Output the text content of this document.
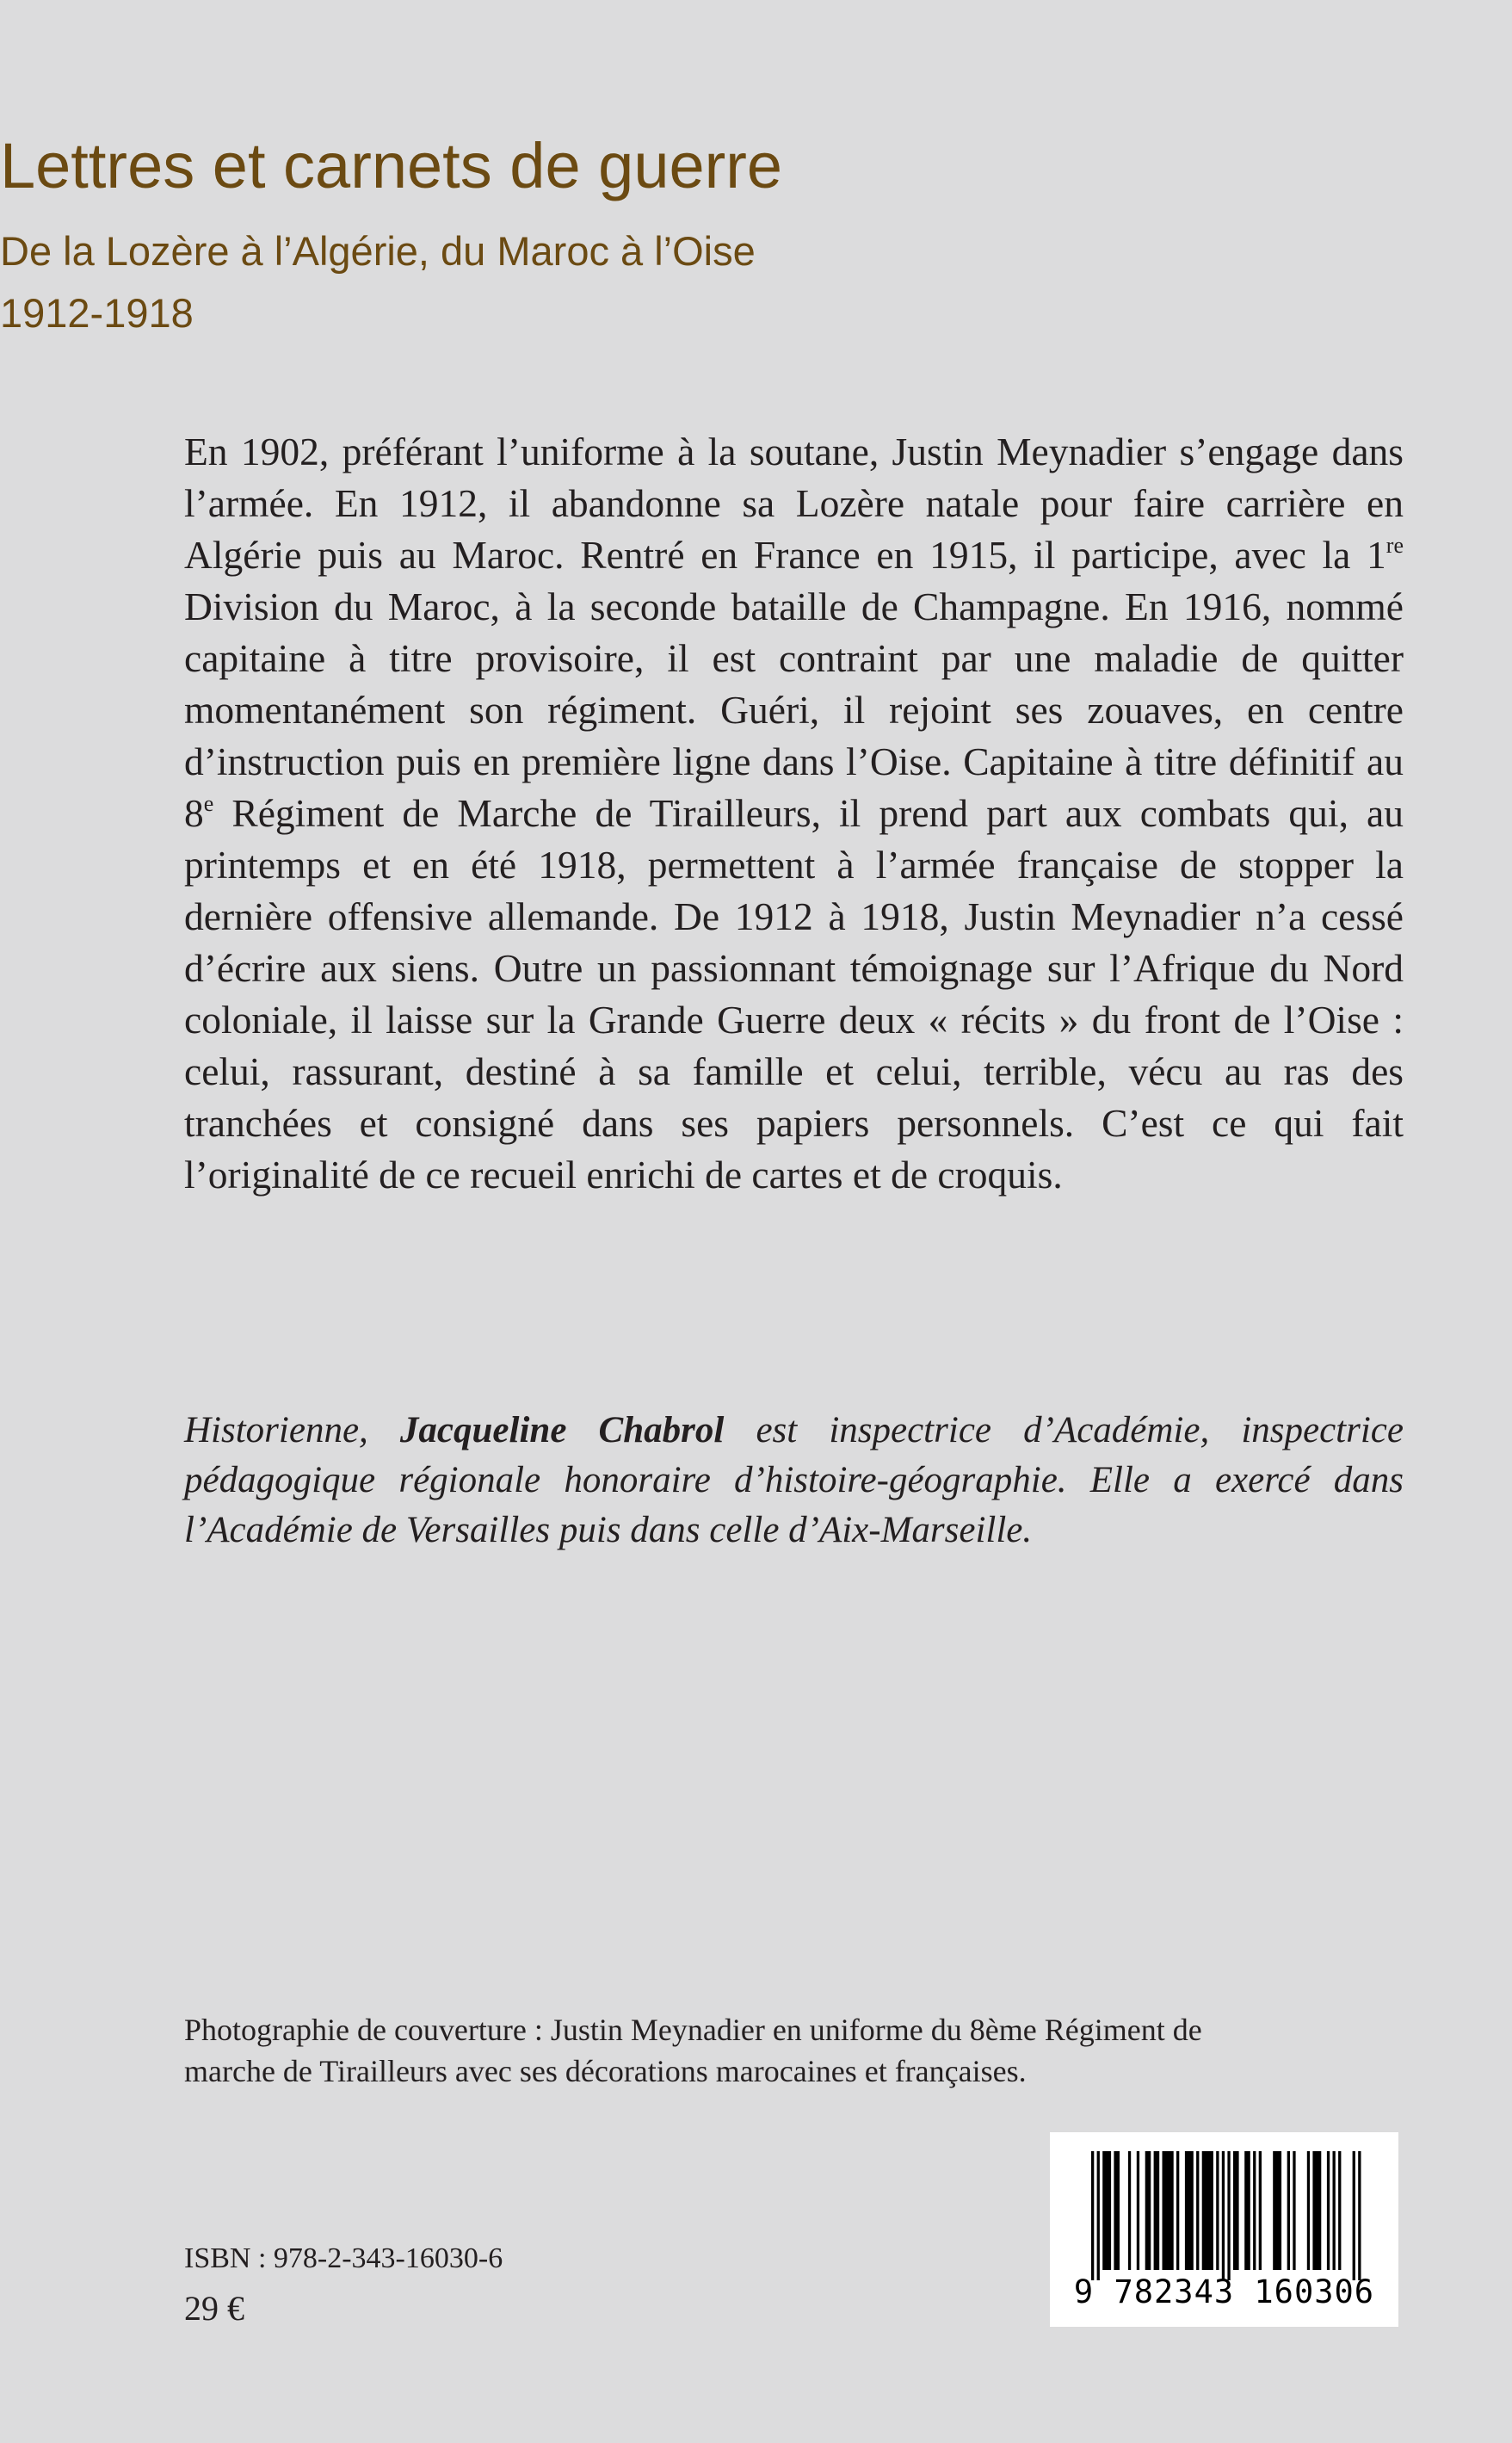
Lettres et carnets de guerre
De la Lozère à l’Algérie, du Maroc à l’Oise
1912-1918

En 1902, préférant l’uniforme à la soutane, Justin Meynadier s’engage dans l’armée. En 1912, il abandonne sa Lozère natale pour faire carrière en Algérie puis au Maroc. Rentré en France en 1915, il participe, avec la 1re Division du Maroc, à la seconde bataille de Champagne. En 1916, nommé capitaine à titre provisoire, il est contraint par une maladie de quitter momentanément son régiment. Guéri, il rejoint ses zouaves, en centre d’instruction puis en première ligne dans l’Oise. Capitaine à titre définitif au 8e Régiment de Marche de Tirailleurs, il prend part aux combats qui, au printemps et en été 1918, permettent à l’armée française de stopper la dernière offensive allemande. De 1912 à 1918, Justin Meynadier n’a cessé d’écrire aux siens. Outre un passionnant témoignage sur l’Afrique du Nord coloniale, il laisse sur la Grande Guerre deux « récits » du front de l’Oise : celui, rassurant, destiné à sa famille et celui, terrible, vécu au ras des tranchées et consigné dans ses papiers personnels. C’est ce qui fait l’originalité de ce recueil enrichi de cartes et de croquis.

Historienne, Jacqueline Chabrol est inspectrice d’Académie, inspectrice pédagogique régionale honoraire d’histoire-géographie. Elle a exercé dans l’Académie de Versailles puis dans celle d’Aix-Marseille.

Photographie de couverture : Justin Meynadier en uniforme du 8ème Régiment de marche de Tirailleurs avec ses décorations marocaines et françaises.

ISBN : 978-2-343-16030-6
29 €	9 782343 160306
